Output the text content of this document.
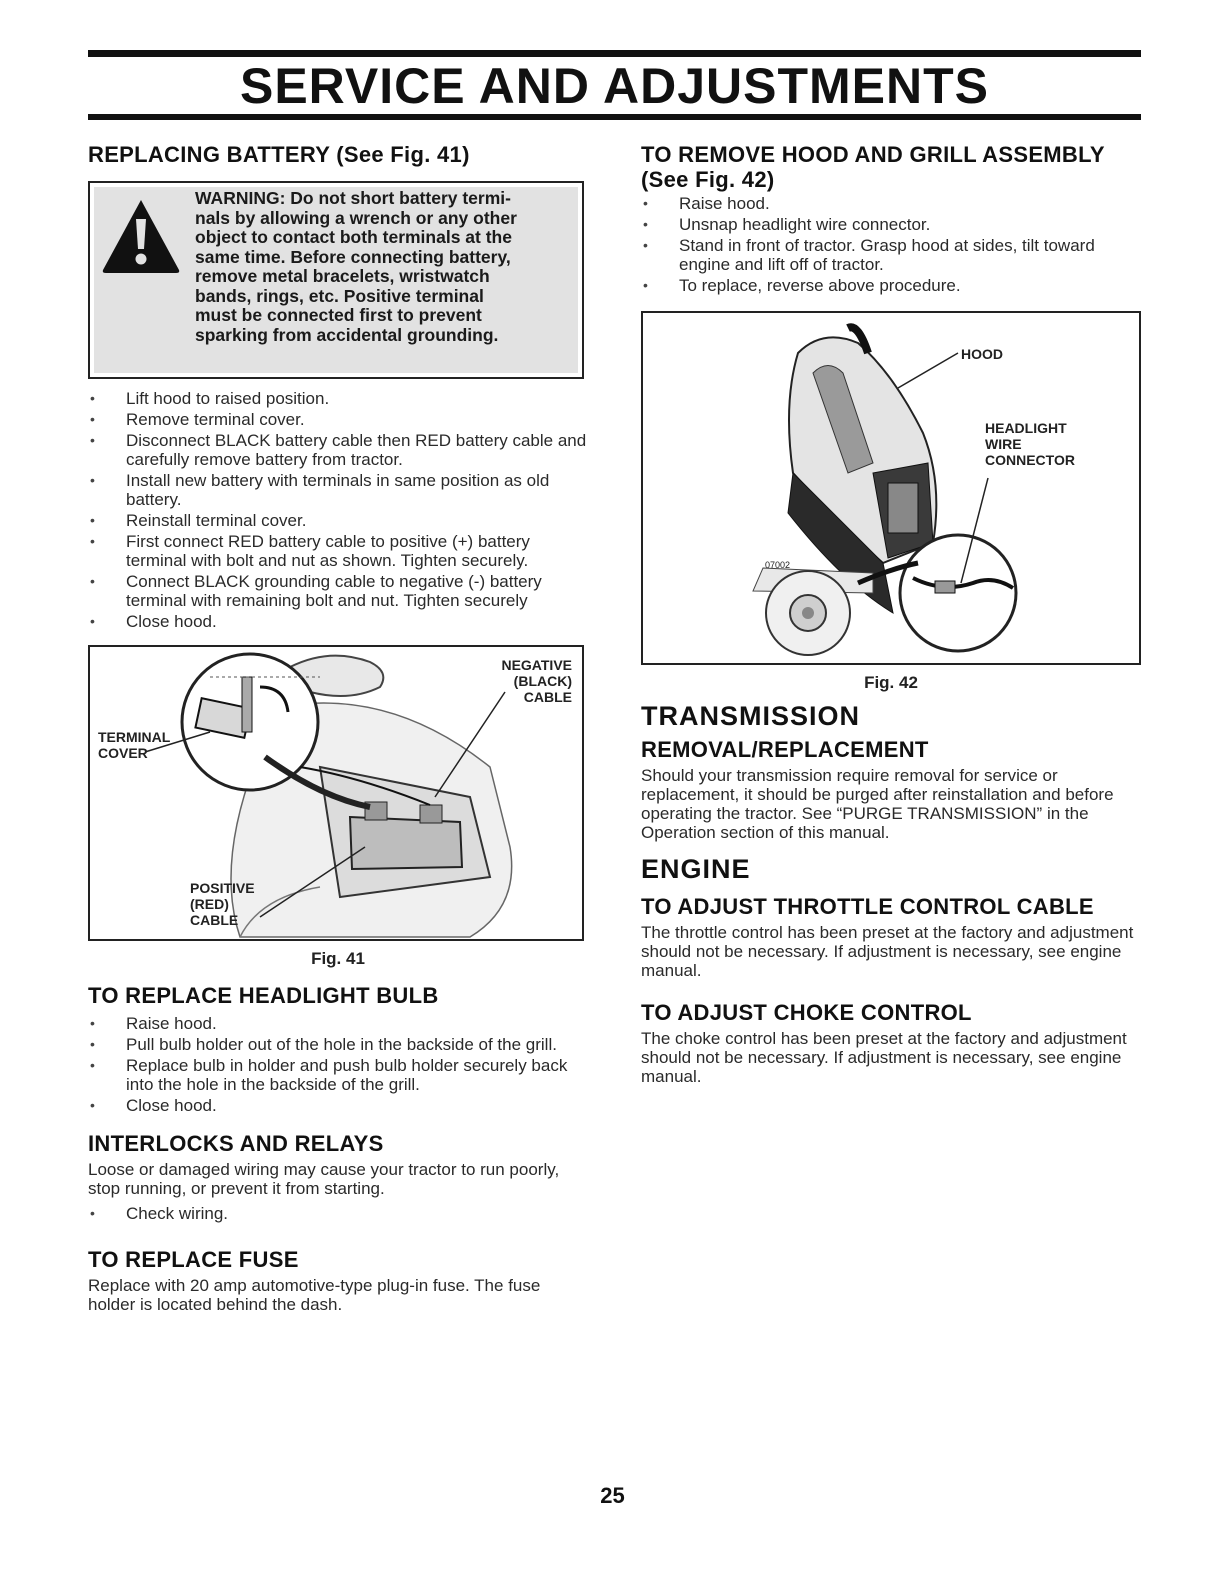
SERVICE AND ADJUSTMENTS
REPLACING BATTERY (See Fig. 41)
WARNING: Do not short battery termi-
nals by allowing a wrench or any other
object to contact both terminals at the
same time. Before connecting battery,
remove metal bracelets, wristwatch
bands, rings, etc. Positive terminal
must be connected first to prevent
sparking from accidental grounding.
• Lift hood to raised position.
• Remove terminal cover.
• Disconnect BLACK battery cable then RED battery cable and carefully remove battery from tractor.
• Install new battery with terminals in same position as old battery.
• Reinstall terminal cover.
• First connect RED battery cable to positive (+) battery terminal with bolt and nut as shown. Tighten securely.
• Connect BLACK grounding cable to negative (-) battery terminal with remaining bolt and nut. Tighten securely
• Close hood.
NEGATIVE
(BLACK)
CABLE
TERMINAL
COVER
POSITIVE
(RED)
CABLE
Fig. 41
TO REPLACE HEADLIGHT BULB
• Raise hood.
• Pull bulb holder out of the hole in the backside of the grill.
• Replace bulb in holder and push bulb holder securely back into the hole in the backside of the grill.
• Close hood.
INTERLOCKS AND RELAYS

Loose or damaged wiring may cause your tractor to run poorly, stop running, or prevent it from starting.

• Check wiring.
TO REPLACE FUSE

Replace with 20 amp automotive-type plug-in fuse. The fuse holder is located behind the dash.

TO REMOVE HOOD AND GRILL ASSEMBLY
(See Fig. 42)
• Raise hood.
• Unsnap headlight wire connector.
• Stand in front of tractor. Grasp hood at sides, tilt toward engine and lift off of tractor.
• To replace, reverse above procedure.
HOOD
HEADLIGHT
WIRE
CONNECTOR
07002
Fig. 42
TRANSMISSION
REMOVAL/REPLACEMENT

Should your transmission require removal for service or replacement, it should be purged after reinstallation and before operating the tractor. See “PURGE TRANSMISSION” in the Operation section of this manual.

ENGINE
TO ADJUST THROTTLE CONTROL CABLE

The throttle control has been preset at the factory and adjustment should not be necessary. If adjustment is necessary, see engine manual.

TO ADJUST CHOKE CONTROL

The choke control has been preset at the factory and adjustment should not be necessary. If adjustment is necessary, see engine manual.

25
